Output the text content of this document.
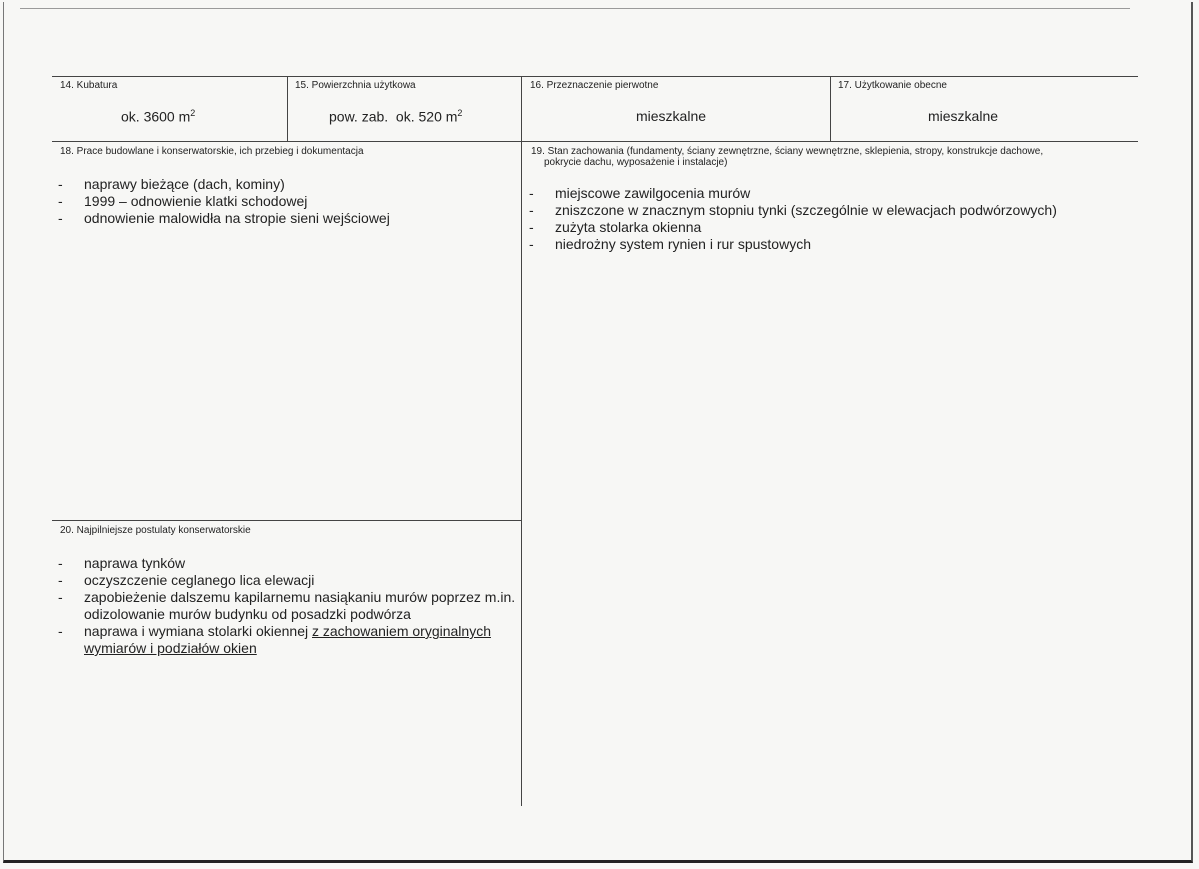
14. Kubatura
ok. 3600 $m^2$
15. Powierzchnia użytkowa
pow. zab.  ok. 520 $m^2$
16. Przeznaczenie pierwotne
mieszkalne
17. Użytkowanie obecne
mieszkalne
18. Prace budowlane i konserwatorskie, ich przebieg i dokumentacja
- naprawy bieżące (dach, kominy)
- 1999 – odnowienie klatki schodowej
- odnowienie malowidła na stropie sieni wejściowej
19. Stan zachowania (fundamenty, ściany zewnętrzne, ściany wewnętrzne, sklepienia, stropy, konstrukcje dachowe,
pokrycie dachu, wyposażenie i instalacje)
- miejscowe zawilgocenia murów
- zniszczone w znacznym stopniu tynki (szczególnie w elewacjach podwórzowych)
- zużyta stolarka okienna
- niedrożny system rynien i rur spustowych
20. Najpilniejsze postulaty konserwatorskie
- naprawa tynków
- oczyszczenie ceglanego lica elewacji
- zapobieżenie dalszemu kapilarnemu nasiąkaniu murów poprzez m.in.
odizolowanie murów budynku od posadzki podwórza
- naprawa i wymiana stolarki okiennej z zachowaniem oryginalnych
wymiarów i podziałów okien
